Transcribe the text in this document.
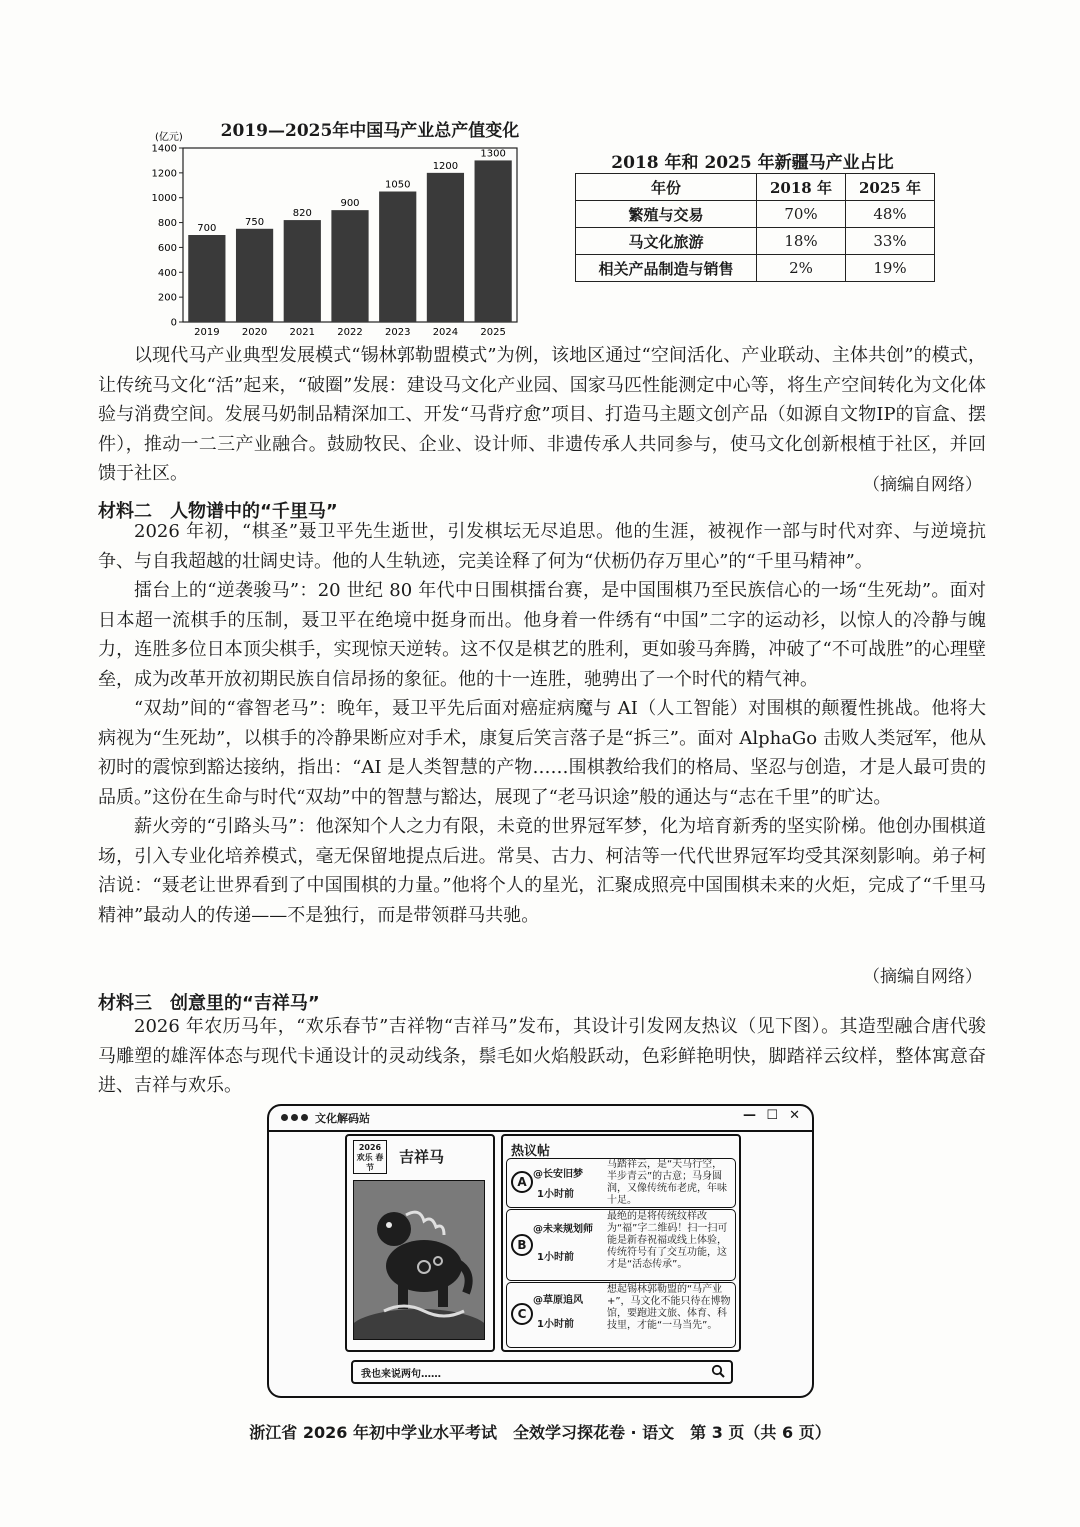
2019—2025年中国马产业总产值变化
(亿元)
0
200
400
600
800
1000
1200
1400
700
2019
750
2020
820
2021
900
2022
1050
2023
1200
2024
1300
2025
2018 年和 2025 年新疆马产业占比
年份	2018 年	2025 年
繁殖与交易	70%	48%
马文化旅游	18%	33%
相关产品制造与销售	2%	19%

以现代马产业典型发展模式“锡林郭勒盟模式”为例，该地区通过“空间活化、产业联动、主体共创”的模式，让传统马文化“活”起来，“破圈”发展：建设马文化产业园、国家马匹性能测定中心等，将生产空间转化为文化体验与消费空间。发展马奶制品精深加工、开发“马背疗愈”项目、打造马主题文创产品（如源自文物IP的盲盒、摆件），推动一二三产业融合。鼓励牧民、企业、设计师、非遗传承人共同参与，使马文化创新根植于社区，并回馈于社区。

（摘编自网络）
材料二　人物谱中的“千里马”

2026 年初，“棋圣”聂卫平先生逝世，引发棋坛无尽追思。他的生涯，被视作一部与时代对弈、与逆境抗争、与自我超越的壮阔史诗。他的人生轨迹，完美诠释了何为“伏枥仍存万里心”的“千里马精神”。

擂台上的“逆袭骏马”：20 世纪 80 年代中日围棋擂台赛，是中国围棋乃至民族信心的一场“生死劫”。面对日本超一流棋手的压制，聂卫平在绝境中挺身而出。他身着一件绣有“中国”二字的运动衫，以惊人的冷静与魄力，连胜多位日本顶尖棋手，实现惊天逆转。这不仅是棋艺的胜利，更如骏马奔腾，冲破了“不可战胜”的心理壁垒，成为改革开放初期民族自信昂扬的象征。他的十一连胜，驰骋出了一个时代的精气神。

“双劫”间的“睿智老马”：晚年，聂卫平先后面对癌症病魔与 AI（人工智能）对围棋的颠覆性挑战。他将大病视为“生死劫”，以棋手的冷静果断应对手术，康复后笑言落子是“拆三”。面对 AlphaGo 击败人类冠军，他从初时的震惊到豁达接纳，指出：“AI 是人类智慧的产物……围棋教给我们的格局、坚忍与创造，才是人最可贵的品质。”这份在生命与时代“双劫”中的智慧与豁达，展现了“老马识途”般的通达与“志在千里”的旷达。

薪火旁的“引路头马”：他深知个人之力有限，未竟的世界冠军梦，化为培育新秀的坚实阶梯。他创办围棋道场，引入专业化培养模式，毫无保留地提点后进。常昊、古力、柯洁等一代代世界冠军均受其深刻影响。弟子柯洁说：“聂老让世界看到了中国围棋的力量。”他将个人的星光，汇聚成照亮中国围棋未来的火炬，完成了“千里马精神”最动人的传递——不是独行，而是带领群马共驰。

（摘编自网络）
材料三　创意里的“吉祥马”

2026 年农历马年，“欢乐春节”吉祥物“吉祥马”发布，其设计引发网友热议（见下图）。其造型融合唐代骏马雕塑的雄浑体态与现代卡通设计的灵动线条，鬃毛如火焰般跃动，色彩鲜艳明快，脚踏祥云纹样，整体寓意奋进、吉祥与欢乐。

文化解码站	— ☐ ✕
2026 欢乐 春节
吉祥马	热议帖
A
@长安旧梦
1小时前
马踏祥云，是“天马行空，半步青云”的古意；马身圆润，又像传统布老虎，年味十足。
B
@未来规划师
1小时前
最绝的是将传统纹样改为“福”字二维码！扫一扫可能是新春祝福或线上体验，传统符号有了交互功能，这才是“活态传承”。
C
@草原追风
1小时前
想起锡林郭勒盟的“马产业+”，马文化不能只待在博物馆，要跑进文旅、体育、科技里，才能“一马当先”。
我也来说两句……
浙江省 2026 年初中学业水平考试　全效学习探花卷 · 语文　第 3 页（共 6 页）
